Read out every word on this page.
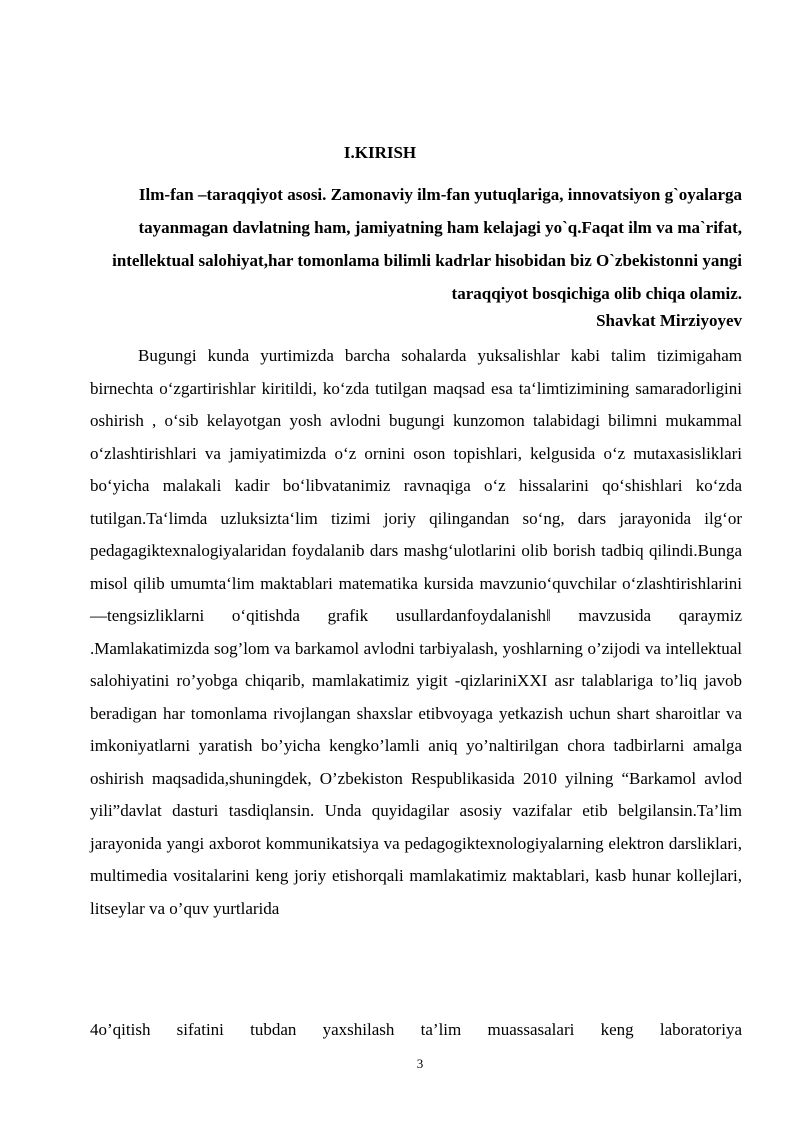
I.KIRISH
Ilm-fan –taraqqiyot asosi. Zamonaviy ilm-fan yutuqlariga, innovatsiyon g`oyalarga tayanmagan davlatning ham, jamiyatning ham kelajagi yo`q.Faqat ilm va ma`rifat, intellektual salohiyat,har tomonlama bilimli kadrlar hisobidan biz O`zbekistonni yangi taraqqiyot bosqichiga olib chiqa olamiz.
Shavkat Mirziyoyev

Bugungi kunda yurtimizda barcha sohalarda yuksalishlar kabi talim tizimigaham birnechta o‘zgartirishlar kiritildi, ko‘zda tutilgan maqsad esa ta‘limtizimining samaradorligini oshirish , o‘sib kelayotgan yosh avlodni bugungi kunzomon talabidagi bilimni mukammal o‘zlashtirishlari va jamiyatimizda o‘z ornini oson topishlari, kelgusida o‘z mutaxasisliklari bo‘yicha malakali kadir bo‘libvatanimiz ravnaqiga o‘z hissalarini qo‘shishlari ko‘zda tutilgan.Ta‘limda uzluksizta‘lim tizimi joriy qilingandan so‘ng, dars jarayonida ilg‘or pedagagiktexnalogiyalaridan foydalanib dars mashg‘ulotlarini olib borish tadbiq qilindi.Bunga misol qilib umumta‘lim maktablari matematika kursida mavzunio‘quvchilar o‘zlashtirishlarini ―tengsizliklarni o‘qitishda grafik usullardanfoydalanish‖ mavzusida qaraymiz .Mamlakatimizda sog’lom va barkamol avlodni tarbiyalash, yoshlarning o’zijodi va intellektual salohiyatini ro’yobga chiqarib, mamlakatimiz yigit -qizlariniXXI asr talablariga to’liq javob beradigan har tomonlama rivojlangan shaxslar etibvoyaga yetkazish uchun shart sharoitlar va imkoniyatlarni yaratish bo’yicha kengko’lamli aniq yo’naltirilgan chora tadbirlarni amalga oshirish maqsadida,shuningdek, O’zbekiston Respublikasida 2010 yilning “Barkamol avlod yili”davlat dasturi tasdiqlansin. Unda quyidagilar asosiy vazifalar etib belgilansin.Ta’lim jarayonida yangi axborot kommunikatsiya va pedagogiktexnologiyalarning elektron darsliklari, multimedia vositalarini keng joriy etishorqali mamlakatimiz maktablari, kasb hunar kollejlari, litseylar va o’quv yurtlarida

4o’qitish sifatini tubdan yaxshilash ta’lim muassasalari keng laboratoriya
3
